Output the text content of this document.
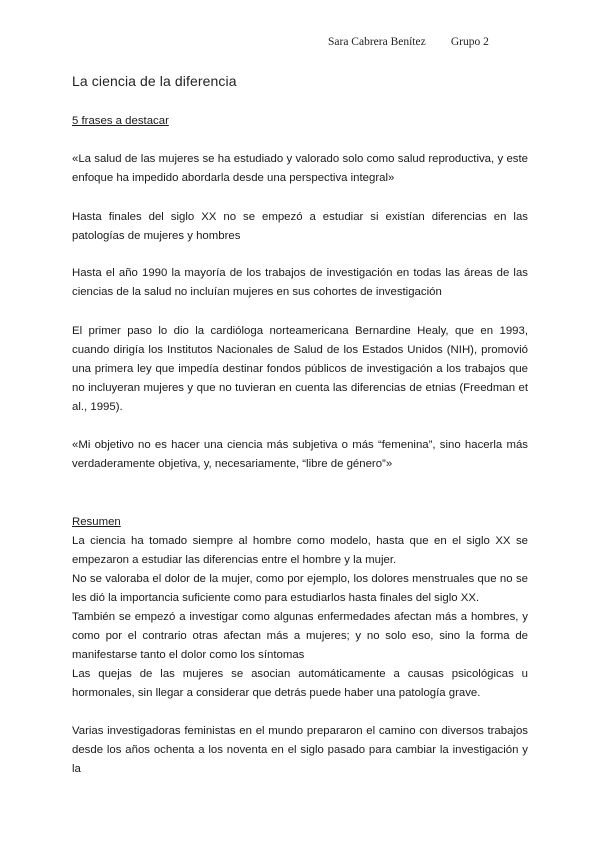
Sara Cabrera Benítez Grupo 2
La ciencia de la diferencia

5 frases a destacar

«La salud de las mujeres se ha estudiado y valorado solo como salud reproductiva, y este enfoque ha impedido abordarla desde una perspectiva integral»

Hasta finales del siglo XX no se empezó a estudiar si existían diferencias en las patologías de mujeres y hombres

Hasta el año 1990 la mayoría de los trabajos de investigación en todas las áreas de las ciencias de la salud no incluían mujeres en sus cohortes de investigación

El primer paso lo dio la cardióloga norteamericana Bernardine Healy, que en 1993, cuando dirigía los Institutos Nacionales de Salud de los Estados Unidos (NIH), promovió una primera ley que impedía destinar fondos públicos de investigación a los trabajos que no incluyeran mujeres y que no tuvieran en cuenta las diferencias de etnias (Freedman et al., 1995).

«Mi objetivo no es hacer una ciencia más subjetiva o más “femenina”, sino hacerla más verdaderamente objetiva, y, necesariamente, “libre de género”»

Resumen

La ciencia ha tomado siempre al hombre como modelo, hasta que en el siglo XX se empezaron a estudiar las diferencias entre el hombre y la mujer.

No se valoraba el dolor de la mujer, como por ejemplo, los dolores menstruales que no se les dió la importancia suficiente como para estudiarlos hasta finales del siglo XX.

También se empezó a investigar como algunas enfermedades afectan más a hombres, y como por el contrario otras afectan más a mujeres; y no solo eso, sino la forma de manifestarse tanto el dolor como los síntomas

Las quejas de las mujeres se asocian automáticamente a causas psicológicas u hormonales, sin llegar a considerar que detrás puede haber una patología grave.

Varias investigadoras feministas en el mundo prepararon el camino con diversos trabajos desde los años ochenta a los noventa en el siglo pasado para cambiar la investigación y la
